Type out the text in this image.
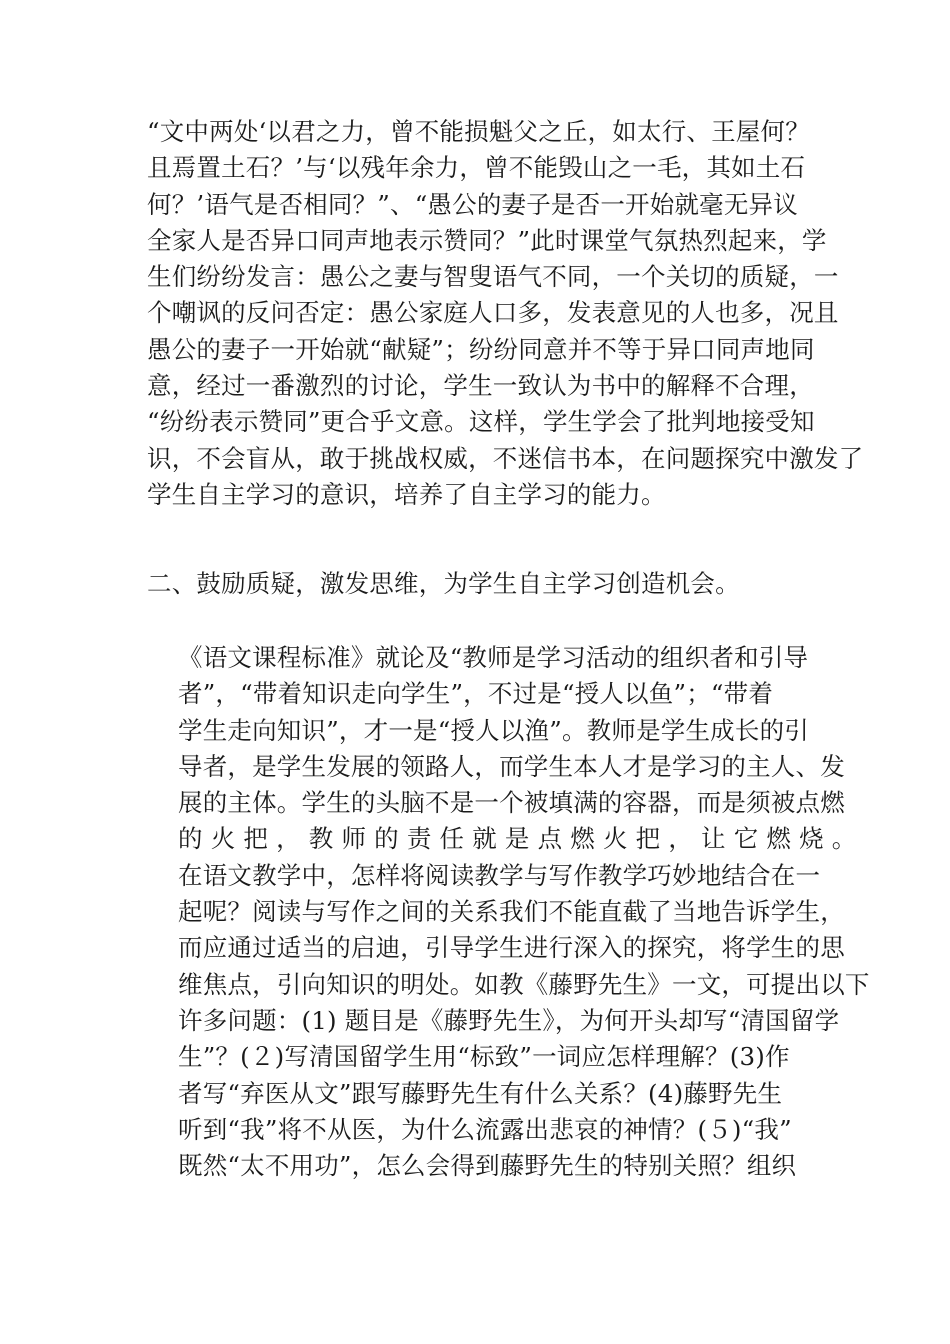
“文中两处‘以君之力，曾不能损魁父之丘，如太行、王屋何？
且焉置土石？’与‘以残年余力，曾不能毁山之一毛，其如土石
何？’语气是否相同？”、“愚公的妻子是否一开始就毫无异议
全家人是否异口同声地表示赞同？”此时课堂气氛热烈起来，学
生们纷纷发言：愚公之妻与智叟语气不同，一个关切的质疑，一
个嘲讽的反问否定：愚公家庭人口多，发表意见的人也多，况且
愚公的妻子一开始就“献疑”；纷纷同意并不等于异口同声地同
意，经过一番激烈的讨论，学生一致认为书中的解释不合理，
“纷纷表示赞同”更合乎文意。这样，学生学会了批判地接受知
识，不会盲从，敢于挑战权威，不迷信书本，在问题探究中激发了
学生自主学习的意识，培养了自主学习的能力。

二、鼓励质疑，激发思维，为学生自主学习创造机会。

《语文课程标准》就论及“教师是学习活动的组织者和引导
者”，“带着知识走向学生”，不过是“授人以鱼”；“带着
学生走向知识”，才一是“授人以渔”。教师是学生成长的引
导者，是学生发展的领路人，而学生本人才是学习的主人、发
展的主体。学生的头脑不是一个被填满的容器，而是须被点燃
的 火 把 ， 教 师 的 责 任 就 是 点 燃 火 把 ， 让 它 燃 烧 。
在语文教学中，怎样将阅读教学与写作教学巧妙地结合在一
起呢？阅读与写作之间的关系我们不能直截了当地告诉学生，
而应通过适当的启迪，引导学生进行深入的探究，将学生的思
维焦点，引向知识的明处。如教《藤野先生》一文，可提出以下
许多问题：(1) 题目是《藤野先生》，为何开头却写“清国留学
生”？(２)写清国留学生用“标致”一词应怎样理解？(3)作
者写“弃医从文”跟写藤野先生有什么关系？(4)藤野先生
听到“我”将不从医，为什么流露出悲哀的神情？(５)“我”
既然“太不用功”，怎么会得到藤野先生的特别关照？组织
